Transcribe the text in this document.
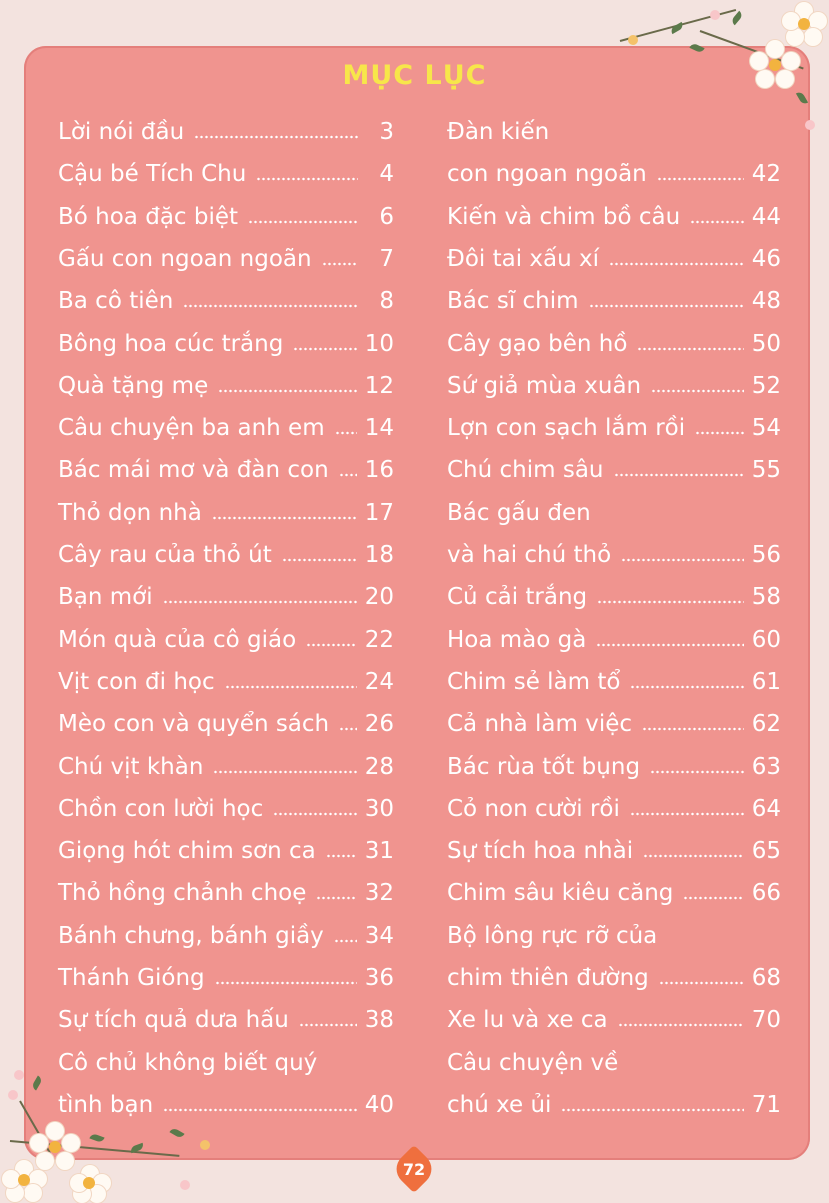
MỤC LỤC
Lời nói đầu	3
Cậu bé Tích Chu	4
Bó hoa đặc biệt	6
Gấu con ngoan ngoãn	7
Ba cô tiên	8
Bông hoa cúc trắng	10
Quà tặng mẹ	12
Câu chuyện ba anh em 14
Bác mái mơ và đàn con 16
Thỏ dọn nhà	17
Cây rau của thỏ út	18
Bạn mới	20
Món quà của cô giáo	22
Vịt con đi học	24
Mèo con và quyển sách 26
Chú vịt khàn	28
Chồn con lười học	30
Giọng hót chim sơn ca 31
Thỏ hồng chảnh choẹ	32
Bánh chưng, bánh giầy 34
Thánh Gióng	36
Sự tích quả dưa hấu	38
Cô chủ không biết quý
tình bạn	40
Đàn kiến
con ngoan ngoãn	42
Kiến và chim bồ câu	44
Đôi tai xấu xí	46
Bác sĩ chim	48
Cây gạo bên hồ	50
Sứ giả mùa xuân	52
Lợn con sạch lắm rồi	54
Chú chim sâu	55
Bác gấu đen
và hai chú thỏ	56
Củ cải trắng	58
Hoa mào gà	60
Chim sẻ làm tổ	61
Cả nhà làm việc	62
Bác rùa tốt bụng	63
Cỏ non cười rồi	64
Sự tích hoa nhài	65
Chim sâu kiêu căng	66
Bộ lông rực rỡ của
chim thiên đường	68
Xe lu và xe ca	70
Câu chuyện về
chú xe ủi	71
72
